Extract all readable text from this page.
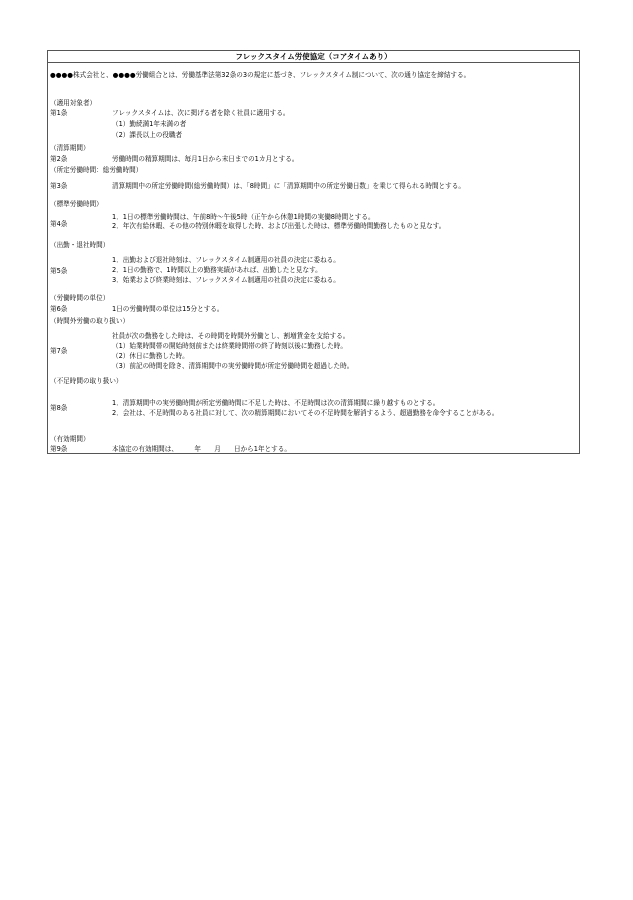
フレックスタイム労使協定（コアタイムあり）
●●●●株式会社と、●●●●労働組合とは、労働基準法第32条の3の規定に基づき、フレックスタイム制について、次の通り協定を締結する。
（適用対象者）
第1条	フレックスタイムは、次に掲げる者を除く社員に適用する。
（1）勤続満1年未満の者
（2）課長以上の役職者
（清算期間）
第2条	労働時間の精算期間は、毎月1日から末日までの1カ月とする。
（所定労働時間：総労働時間）
第3条	清算期間中の所定労働時間(総労働時間）は、「8時間」に「清算期間中の所定労働日数」を乗じて得られる時間とする。
（標準労働時間）
第4条
1．1日の標準労働時間は、午前8時～午後5時（正午から休憩1時間の実働8時間とする。
2．年次有給休暇、その他の特別休暇を取得した時、および出張した時は、標準労働時間勤務したものと見なす。
（出勤・退社時間）
第5条
1．出勤および退社時刻は、フレックスタイム制適用の社員の決定に委ねる。
2．1日の勤務で、1時間以上の勤務実績があれば、出勤したと見なす。
3．始業および終業時刻は、フレックスタイム制適用の社員の決定に委ねる。
（労働時間の単位）
第6条	1日の労働時間の単位は15分とする。
（時間外労働の取り扱い）
第7条
社員が次の勤務をした時は、その時間を時間外労働とし、割増賃金を支給する。
（1）始業時間帯の開始時刻前または終業時間帯の終了時刻以後に勤務した時。
（2）休日に勤務した時。
（3）前記の時間を除き、清算期間中の実労働時間が所定労働時間を超過した時。
（不足時間の取り扱い）
第8条
1．清算期間中の実労働時間が所定労働時間に不足した時は、不足時間は次の清算期間に繰り越すものとする。
2．会社は、不足時間のある社員に対して、次の精算期間においてその不足時間を解消するよう、超過勤務を命令することがある。
（有効期間）
第9条	本協定の有効期間は、　　　年　　月　　日から1年とする。
